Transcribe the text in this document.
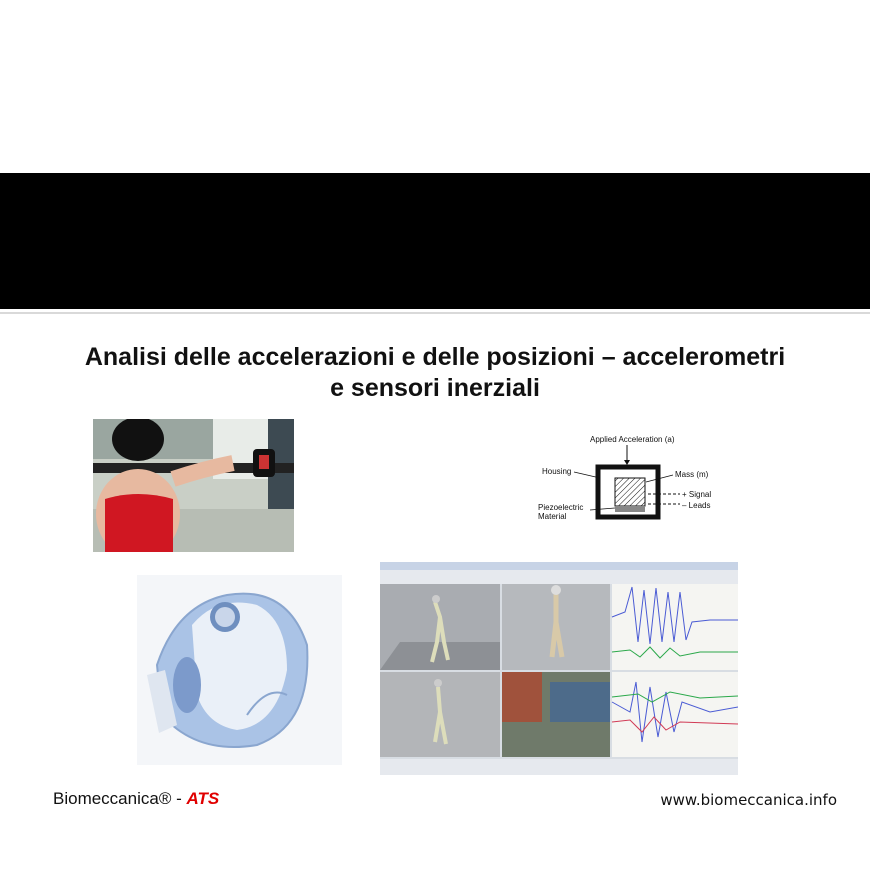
Analisi delle accelerazioni e delle posizioni – accelerometri
e sensori inerziali
Applied Acceleration (a)
Housing	Mass (m)
Piezoelectric
Material
+ Signal
– Leads
Biomeccanica® - ATS	www.biomeccanica.info
